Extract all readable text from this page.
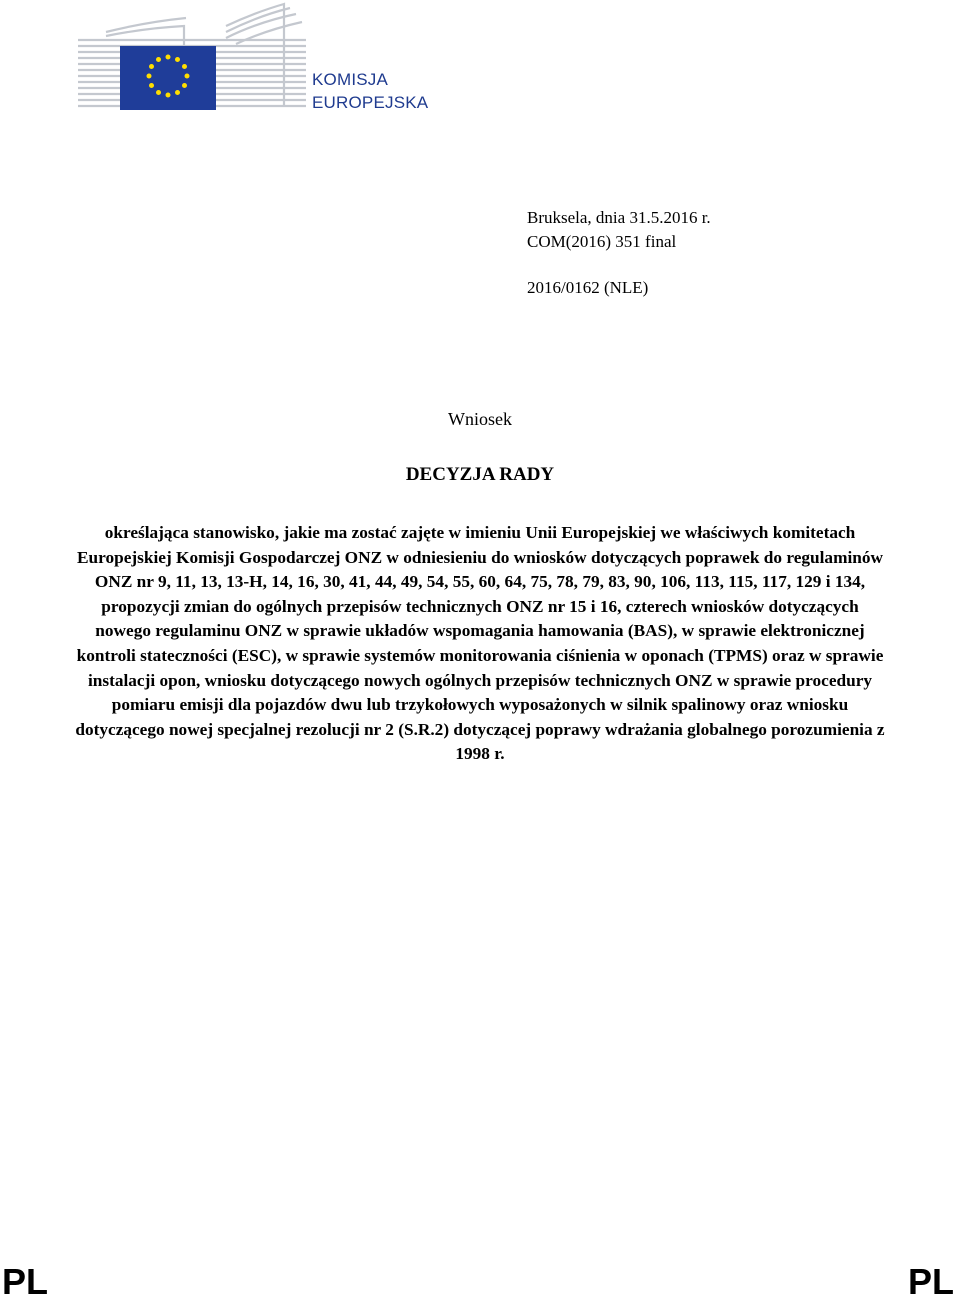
KOMISJA
EUROPEJSKA
Bruksela, dnia 31.5.2016 r.
COM(2016) 351 final
2016/0162 (NLE)
Wniosek
DECYZJA RADY
określająca stanowisko, jakie ma zostać zajęte w imieniu Unii Europejskiej we właściwych komitetach Europejskiej Komisji Gospodarczej ONZ w odniesieniu do wniosków dotyczących poprawek do regulaminów ONZ nr 9, 11, 13, 13-H, 14, 16, 30, 41, 44, 49, 54, 55, 60, 64, 75, 78, 79, 83, 90, 106, 113, 115, 117, 129 i 134, propozycji zmian do ogólnych przepisów technicznych ONZ nr 15 i 16, czterech wniosków dotyczących nowego regulaminu ONZ w sprawie układów wspomagania hamowania (BAS), w sprawie elektronicznej kontroli stateczności (ESC), w sprawie systemów monitorowania ciśnienia w oponach (TPMS) oraz w sprawie instalacji opon, wniosku dotyczącego nowych ogólnych przepisów technicznych ONZ w sprawie procedury pomiaru emisji dla pojazdów dwu lub trzykołowych wyposażonych w silnik spalinowy oraz wniosku dotyczącego nowej specjalnej rezolucji nr 2 (S.R.2) dotyczącej poprawy wdrażania globalnego porozumienia z 1998 r.
PL	PL
